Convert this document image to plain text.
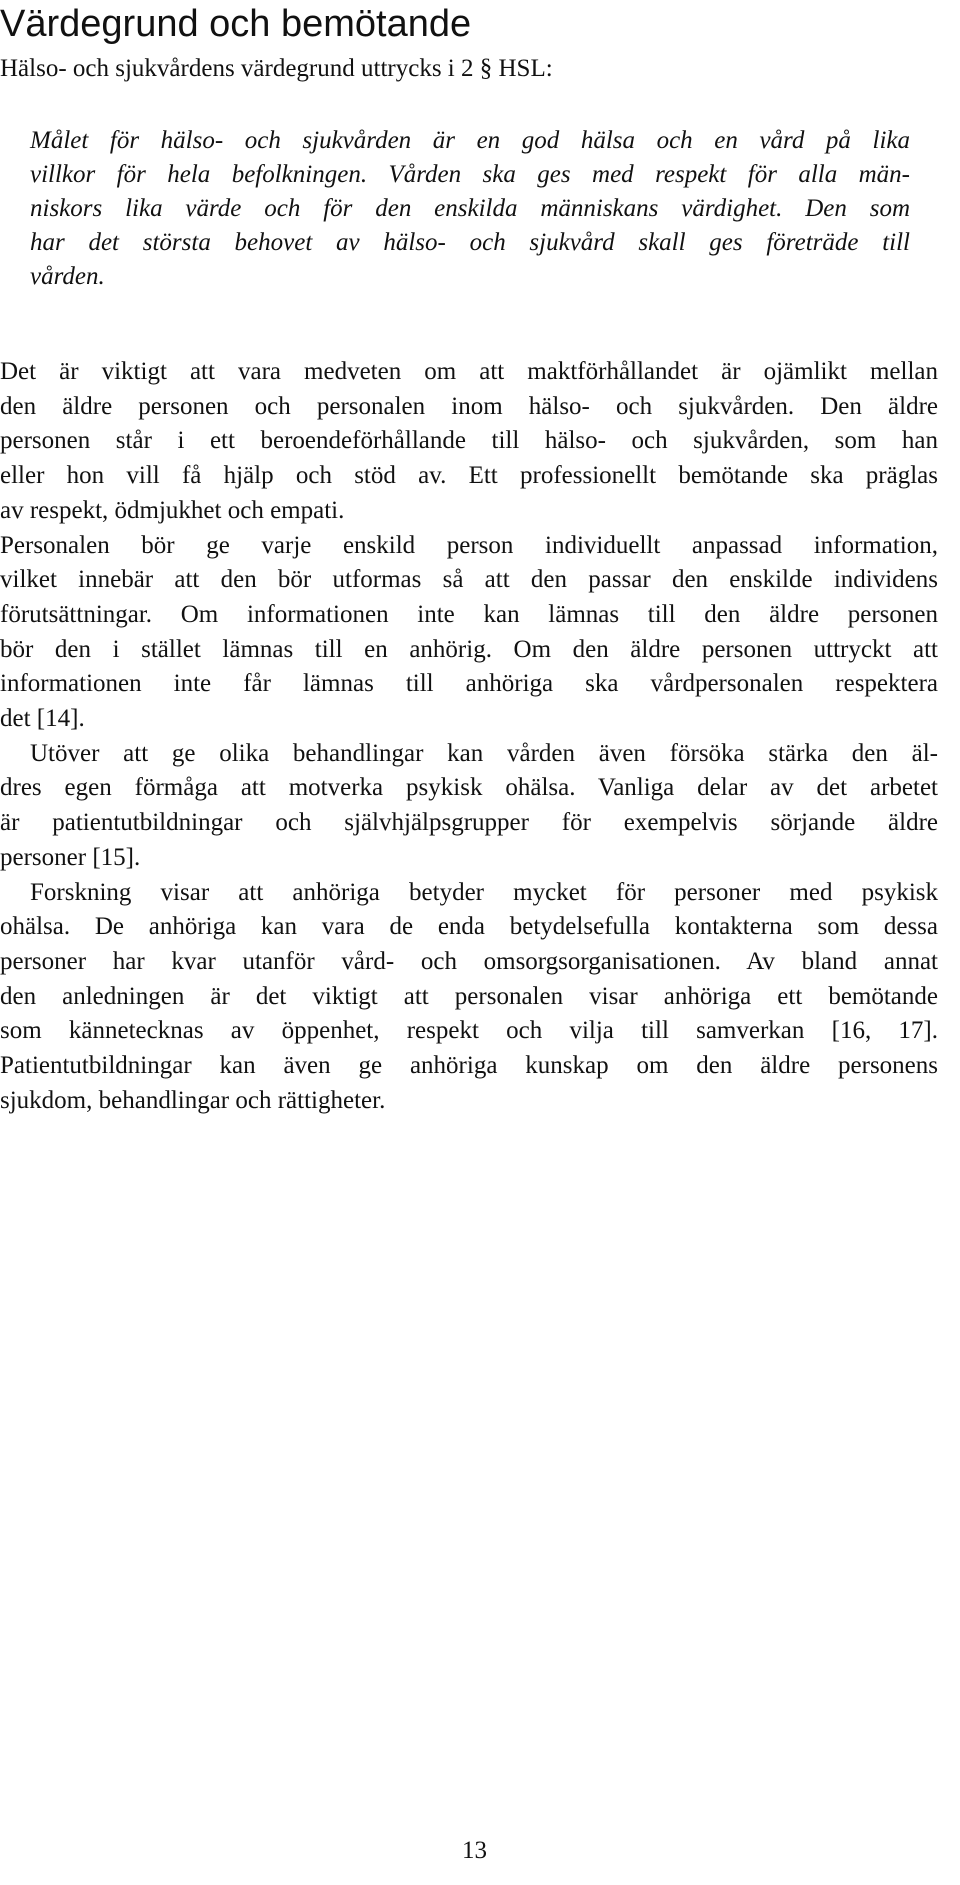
Värdegrund och bemötande

Hälso- och sjukvårdens värdegrund uttrycks i 2 § HSL:

Målet för hälso- och sjukvården är en god hälsa och en vård på lika
villkor för hela befolkningen. Vården ska ges med respekt för alla män-
niskors lika värde och för den enskilda människans värdighet. Den som
har det största behovet av hälso- och sjukvård skall ges företräde till
vården.

Det är viktigt att vara medveten om att maktförhållandet är ojämlikt mellan
den äldre personen och personalen inom hälso- och sjukvården. Den äldre
personen står i ett beroendeförhållande till hälso- och sjukvården, som han
eller hon vill få hjälp och stöd av. Ett professionellt bemötande ska präglas
av respekt, ödmjukhet och empati.
Personalen bör ge varje enskild person individuellt anpassad information,
vilket innebär att den bör utformas så att den passar den enskilde individens
förutsättningar. Om informationen inte kan lämnas till den äldre personen
bör den i stället lämnas till en anhörig. Om den äldre personen uttryckt att
informationen inte får lämnas till anhöriga ska vårdpersonalen respektera
det [14].
Utöver att ge olika behandlingar kan vården även försöka stärka den äl-
dres egen förmåga att motverka psykisk ohälsa. Vanliga delar av det arbetet
är patientutbildningar och självhjälpsgrupper för exempelvis sörjande äldre
personer [15].
Forskning visar att anhöriga betyder mycket för personer med psykisk
ohälsa. De anhöriga kan vara de enda betydelsefulla kontakterna som dessa
personer har kvar utanför vård- och omsorgsorganisationen. Av bland annat
den anledningen är det viktigt att personalen visar anhöriga ett bemötande
som kännetecknas av öppenhet, respekt och vilja till samverkan [16, 17].
Patientutbildningar kan även ge anhöriga kunskap om den äldre personens
sjukdom, behandlingar och rättigheter.

13
